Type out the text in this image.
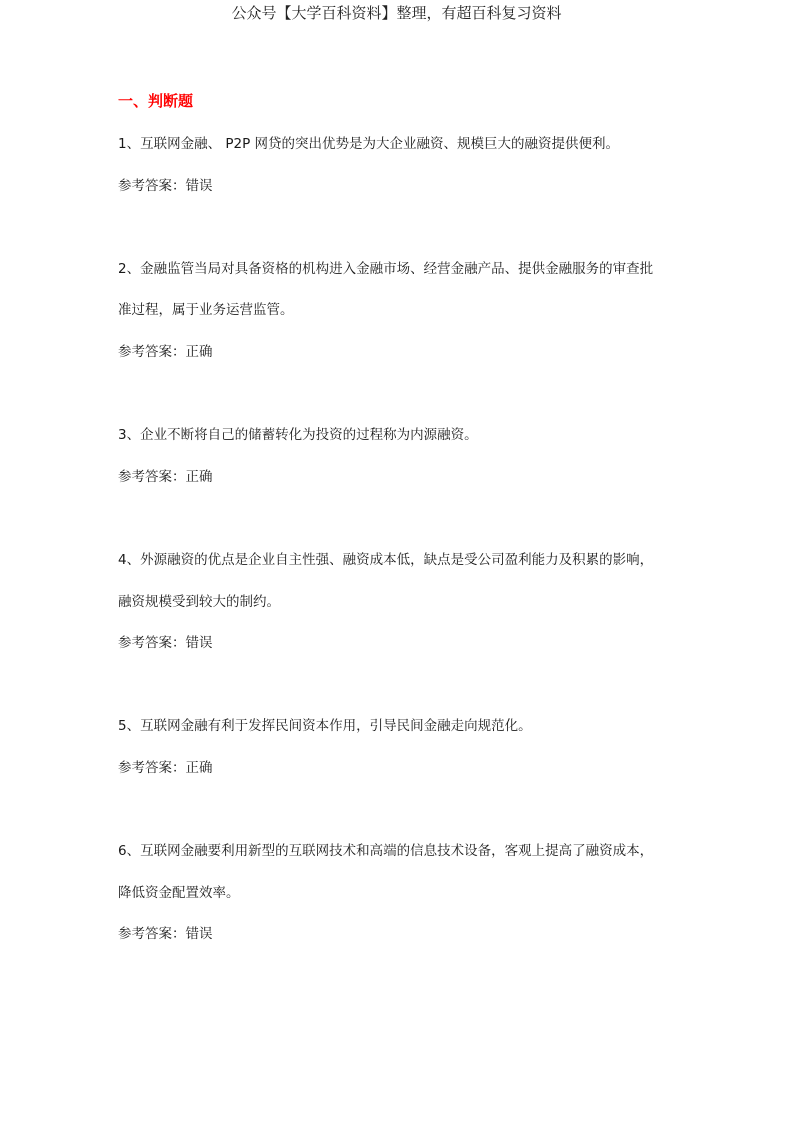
公众号【大学百科资料】整理，有超百科复习资料
一、判断题
1、互联网金融、 P2P 网贷的突出优势是为大企业融资、规模巨大的融资提供便利。
参考答案：错误
2、金融监管当局对具备资格的机构进入金融市场、经营金融产品、提供金融服务的审查批
准过程，属于业务运营监管。
参考答案：正确
3、企业不断将自己的储蓄转化为投资的过程称为内源融资。
参考答案：正确
4、外源融资的优点是企业自主性强、融资成本低，缺点是受公司盈利能力及积累的影响，
融资规模受到较大的制约。
参考答案：错误
5、互联网金融有利于发挥民间资本作用，引导民间金融走向规范化。
参考答案：正确
6、互联网金融要利用新型的互联网技术和高端的信息技术设备，客观上提高了融资成本，
降低资金配置效率。
参考答案：错误
